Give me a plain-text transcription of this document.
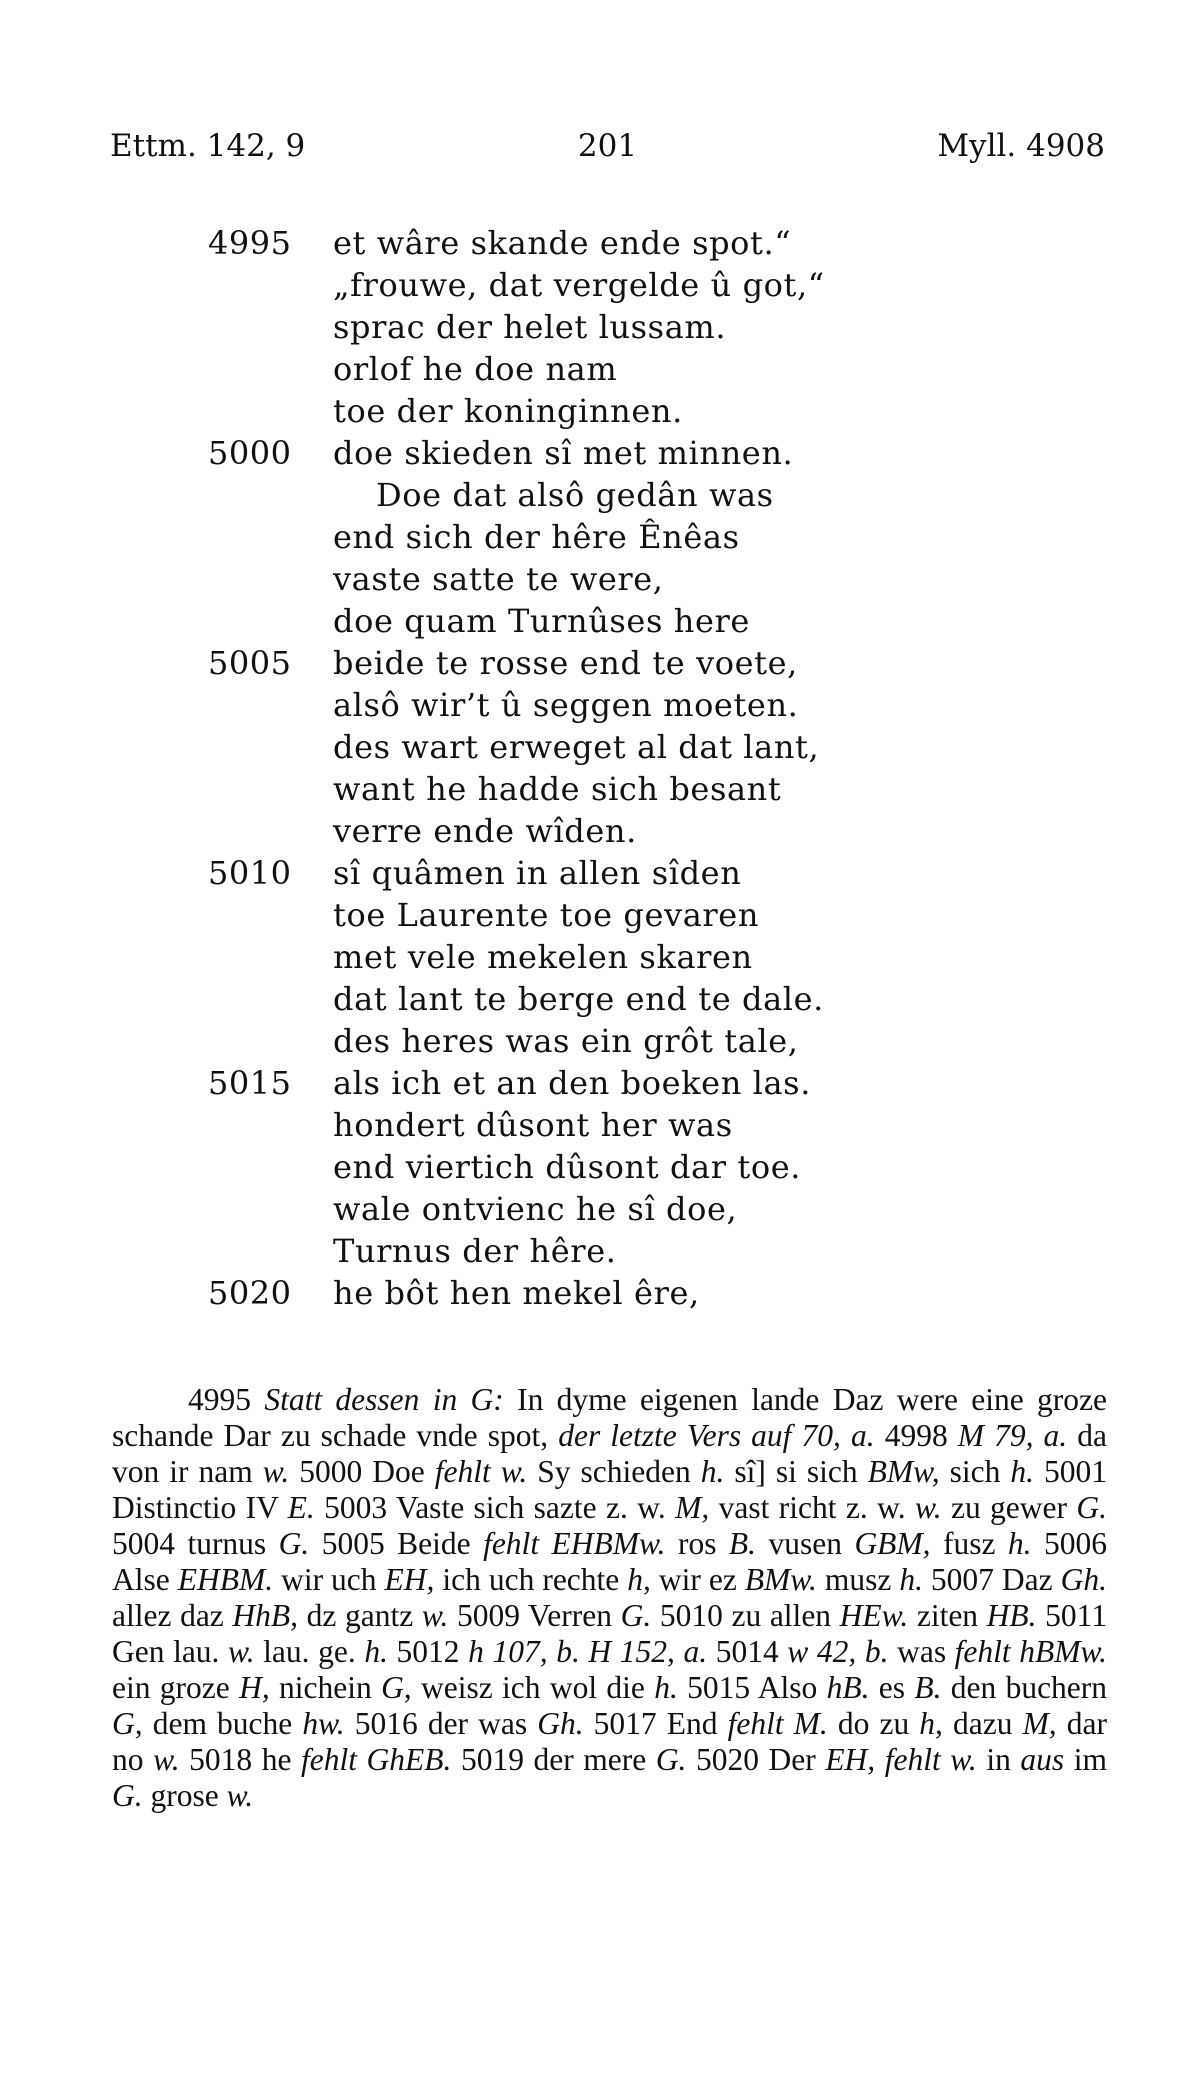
Ettm. 142, 9	201	Myll. 4908
4995 et wâre skande ende spot.“
„frouwe, dat vergelde û got,“
sprac der helet lussam.
orlof he doe nam
toe der koninginnen.
5000 doe skieden sî met minnen.
Doe dat alsô gedân was
end sich der hêre Ênêas
vaste satte te were,
doe quam Turnûses here
5005 beide te rosse end te voete,
alsô wir’t û seggen moeten.
des wart erweget al dat lant,
want he hadde sich besant
verre ende wîden.
5010 sî quâmen in allen sîden
toe Laurente toe gevaren
met vele mekelen skaren
dat lant te berge end te dale.
des heres was ein grôt tale,
5015 als ich et an den boeken las.
hondert dûsont her was
end viertich dûsont dar toe.
wale ontvienc he sî doe,
Turnus der hêre.
5020 he bôt hen mekel êre,
4995 Statt dessen in G: In dyme eigenen lande Daz were eine groze schande Dar zu schade vnde spot, der letzte Vers auf 70, a. 4998 M 79, a. da von ir nam w. 5000 Doe fehlt w. Sy schieden h. sî] si sich BMw, sich h. 5001 Distinctio IV E. 5003 Vaste sich sazte z. w. M, vast richt z. w. w. zu gewer G. 5004 turnus G. 5005 Beide fehlt EHBMw. ros B. vusen GBM, fusz h. 5006 Alse EHBM. wir uch EH, ich uch rechte h, wir ez BMw. musz h. 5007 Daz Gh. allez daz HhB, dz gantz w. 5009 Verren G. 5010 zu allen HEw. ziten HB. 5011 Gen lau. w. lau. ge. h. 5012 h 107, b. H 152, a. 5014 w 42, b. was fehlt hBMw. ein groze H, nichein G, weisz ich wol die h. 5015 Also hB. es B. den buchern G, dem buche hw. 5016 der was Gh. 5017 End fehlt M. do zu h, dazu M, dar no w. 5018 he fehlt GhEB. 5019 der mere G. 5020 Der EH, fehlt w. in aus im G. grose w.
